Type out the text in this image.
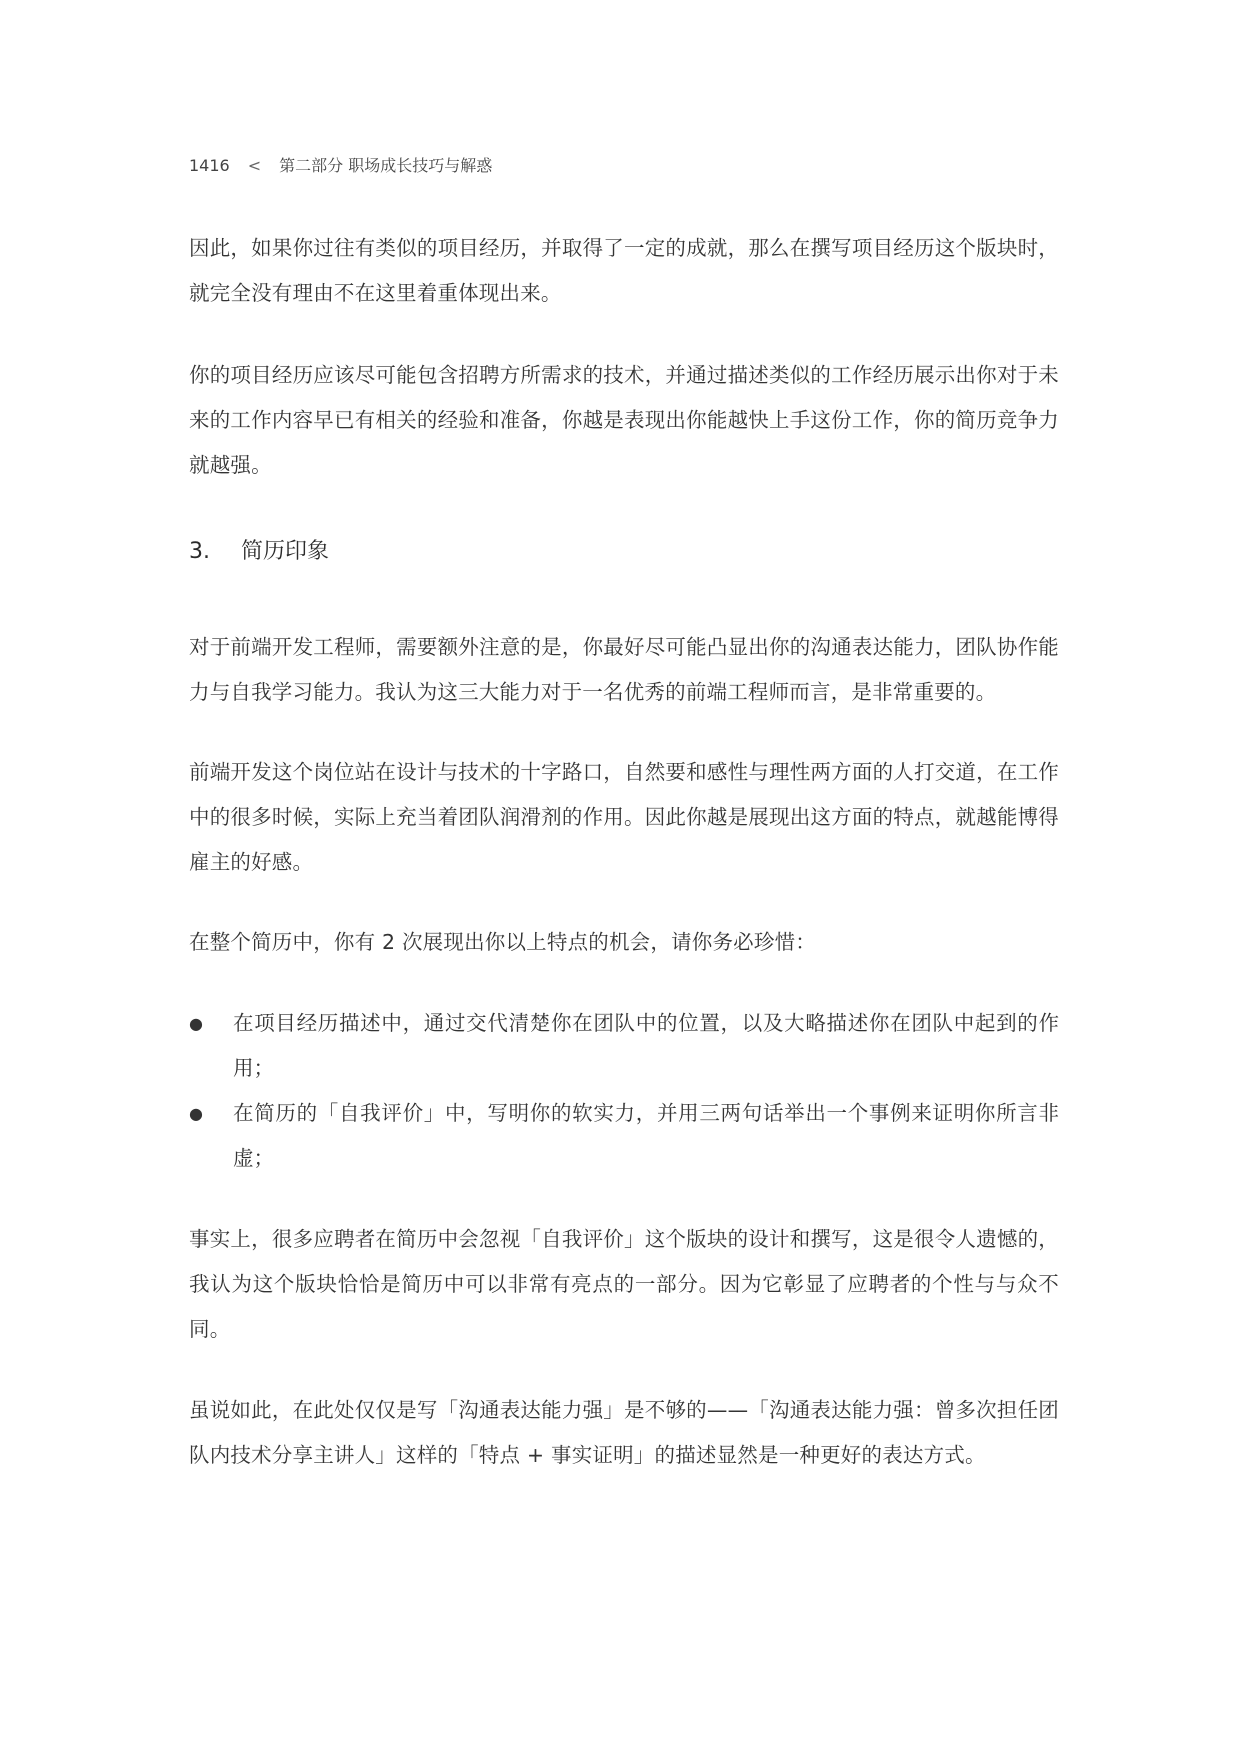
1416 < 第二部分 职场成长技巧与解惑

因此，如果你过往有类似的项目经历，并取得了一定的成就，那么在撰写项目经历这个版块时，就完全没有理由不在这里着重体现出来。

你的项目经历应该尽可能包含招聘方所需求的技术，并通过描述类似的工作经历展示出你对于未来的工作内容早已有相关的经验和准备，你越是表现出你能越快上手这份工作，你的简历竞争力就越强。

3. 简历印象

对于前端开发工程师，需要额外注意的是，你最好尽可能凸显出你的沟通表达能力，团队协作能力与自我学习能力。我认为这三大能力对于一名优秀的前端工程师而言，是非常重要的。

前端开发这个岗位站在设计与技术的十字路口，自然要和感性与理性两方面的人打交道，在工作中的很多时候，实际上充当着团队润滑剂的作用。因此你越是展现出这方面的特点，就越能博得雇主的好感。

在整个简历中，你有 2 次展现出你以上特点的机会，请你务必珍惜：

● 在项目经历描述中，通过交代清楚你在团队中的位置，以及大略描述你在团队中起到的作用；
● 在简历的「自我评价」中，写明你的软实力，并用三两句话举出一个事例来证明你所言非虚；

事实上，很多应聘者在简历中会忽视「自我评价」这个版块的设计和撰写，这是很令人遗憾的，我认为这个版块恰恰是简历中可以非常有亮点的一部分。因为它彰显了应聘者的个性与与众不同。

虽说如此，在此处仅仅是写「沟通表达能力强」是不够的——「沟通表达能力强：曾多次担任团队内技术分享主讲人」这样的「特点 + 事实证明」的描述显然是一种更好的表达方式。
